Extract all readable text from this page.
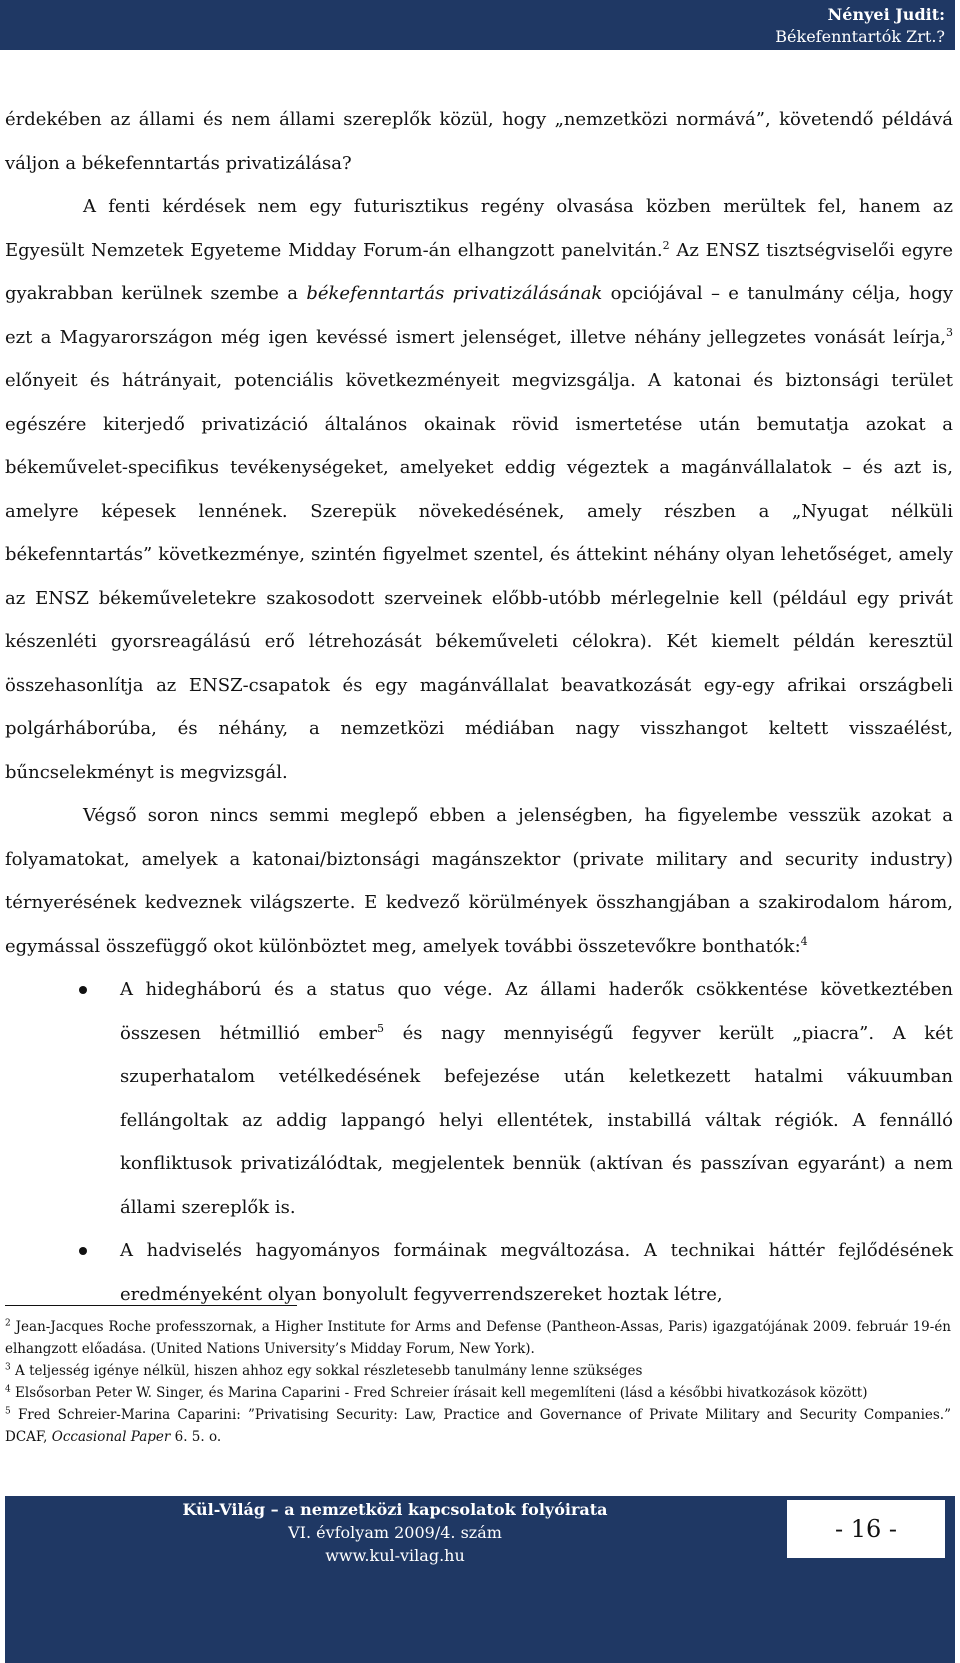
Nényei Judit:
Békefenntartók Zrt.?

érdekében az állami és nem állami szereplők közül, hogy „nemzetközi normává”, követendő példává váljon a békefenntartás privatizálása?

A fenti kérdések nem egy futurisztikus regény olvasása közben merültek fel, hanem az Egyesült Nemzetek Egyeteme Midday Forum-án elhangzott panelvitán.$^2$ Az ENSZ tisztségviselői egyre gyakrabban kerülnek szembe a békefenntartás privatizálásának opciójával – e tanulmány célja, hogy ezt a Magyarországon még igen kevéssé ismert jelenséget, illetve néhány jellegzetes vonását leírja,$^3$ előnyeit és hátrányait, potenciális következményeit megvizsgálja. A katonai és biztonsági terület egészére kiterjedő privatizáció általános okainak rövid ismertetése után bemutatja azokat a békeművelet-specifikus tevékenységeket, amelyeket eddig végeztek a magánvállalatok – és azt is, amelyre képesek lennének. Szerepük növekedésének, amely részben a „Nyugat nélküli békefenntartás” következménye, szintén figyelmet szentel, és áttekint néhány olyan lehetőséget, amely az ENSZ békeműveletekre szakosodott szerveinek előbb-utóbb mérlegelnie kell (például egy privát készenléti gyorsreagálású erő létrehozását békeműveleti célokra). Két kiemelt példán keresztül összehasonlítja az ENSZ-csapatok és egy magánvállalat beavatkozását egy-egy afrikai országbeli polgárháborúba, és néhány, a nemzetközi médiában nagy visszhangot keltett visszaélést, bűncselekményt is megvizsgál.

Végső soron nincs semmi meglepő ebben a jelenségben, ha figyelembe vesszük azokat a folyamatokat, amelyek a katonai/biztonsági magánszektor (private military and security industry) térnyerésének kedveznek világszerte. E kedvező körülmények összhangjában a szakirodalom három, egymással összefüggő okot különböztet meg, amelyek további összetevőkre bonthatók:$^4$

A hidegháború és a status quo vége. Az állami haderők csökkentése következtében összesen hétmillió ember$^5$ és nagy mennyiségű fegyver került „piacra”. A két szuperhatalom vetélkedésének befejezése után keletkezett hatalmi vákuumban fellángoltak az addig lappangó helyi ellentétek, instabillá váltak régiók. A fennálló konfliktusok privatizálódtak, megjelentek bennük (aktívan és passzívan egyaránt) a nem állami szereplők is.
A hadviselés hagyományos formáinak megváltozása. A technikai háttér fejlődésének eredményeként olyan bonyolult fegyverrendszereket hoztak létre,

$^2$ Jean-Jacques Roche professzornak, a Higher Institute for Arms and Defense (Pantheon-Assas, Paris) igazgatójának 2009. február 19-én elhangzott előadása. (United Nations University’s Midday Forum, New York).

$^3$ A teljesség igénye nélkül, hiszen ahhoz egy sokkal részletesebb tanulmány lenne szükséges

$^4$ Elsősorban Peter W. Singer, és Marina Caparini - Fred Schreier írásait kell megemlíteni (lásd a későbbi hivatkozások között)

$^5$ Fred Schreier-Marina Caparini: ”Privatising Security: Law, Practice and Governance of Private Military and Security Companies.” DCAF, Occasional Paper 6. 5. o.

Kül-Világ – a nemzetközi kapcsolatok folyóirata
VI. évfolyam 2009/4. szám
www.kul-vilag.hu
- 16 -
